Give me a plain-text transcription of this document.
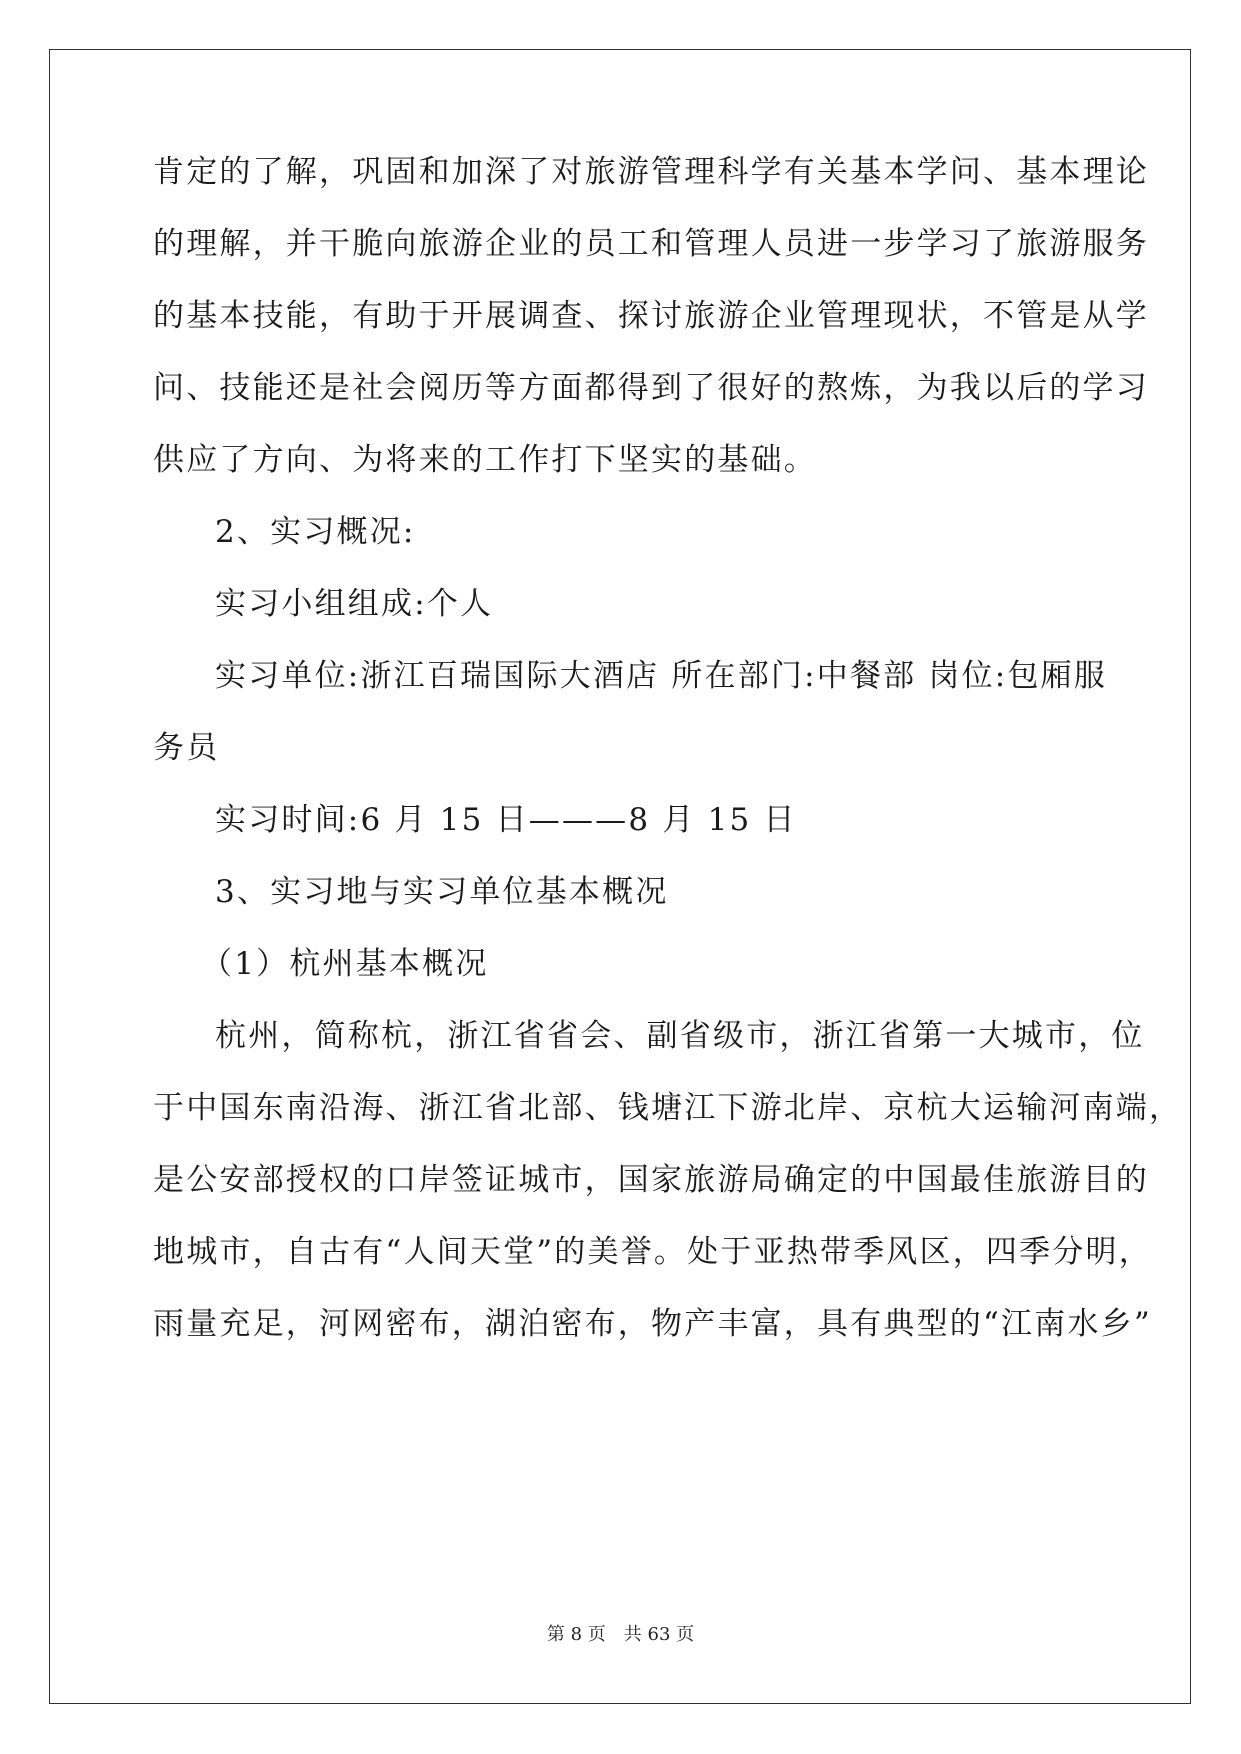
肯定的了解，巩固和加深了对旅游管理科学有关基本学问、基本理论
的理解，并干脆向旅游企业的员工和管理人员进一步学习了旅游服务
的基本技能，有助于开展调查、探讨旅游企业管理现状，不管是从学
问、技能还是社会阅历等方面都得到了很好的熬炼，为我以后的学习
供应了方向、为将来的工作打下坚实的基础。
2、实习概况:
实习小组组成:个人
实习单位:浙江百瑞国际大酒店 所在部门:中餐部 岗位:包厢服
务员
实习时间:6 月 15 日———8 月 15 日
3、实习地与实习单位基本概况
（1）杭州基本概况
杭州，简称杭，浙江省省会、副省级市，浙江省第一大城市，位
于中国东南沿海、浙江省北部、钱塘江下游北岸、京杭大运输河南端，
是公安部授权的口岸签证城市，国家旅游局确定的中国最佳旅游目的
地城市，自古有“人间天堂”的美誉。处于亚热带季风区，四季分明，
雨量充足，河网密布，湖泊密布，物产丰富，具有典型的“江南水乡”
第 8 页　共 63 页
